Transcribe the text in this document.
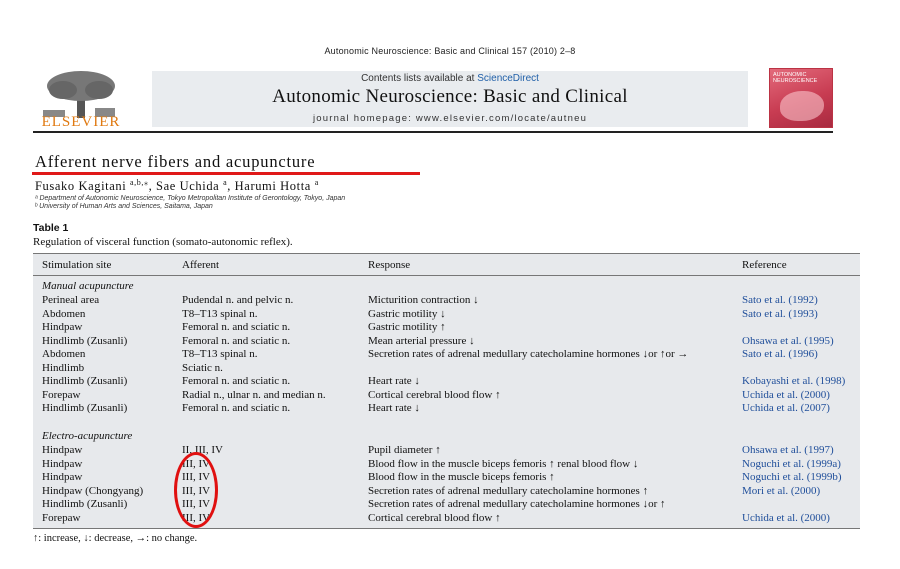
Autonomic Neuroscience: Basic and Clinical 157 (2010) 2–8
ELSEVIER
Contents lists available at ScienceDirect
Autonomic Neuroscience: Basic and Clinical
journal homepage: www.elsevier.com/locate/autneu
AUTONOMIC NEUROSCIENCE
Afferent nerve fibers and acupuncture
Fusako Kagitani $^{a,b,⁎}$, Sae Uchida $^a$, Harumi Hotta $^a$
ᵃ Department of Autonomic Neuroscience, Tokyo Metropolitan Institute of Gerontology, Tokyo, Japan
ᵇ University of Human Arts and Sciences, Saitama, Japan
Table 1
Regulation of visceral function (somato-autonomic reflex).
Stimulation site	Afferent	Response	Reference
Manual acupuncture
Perineal area	Pudendal n. and pelvic n.	Micturition contraction ↓	Sato et al. (1992)
Abdomen	T8–T13 spinal n.	Gastric motility ↓	Sato et al. (1993)
Hindpaw	Femoral n. and sciatic n.	Gastric motility ↑
Hindlimb (Zusanli)	Femoral n. and sciatic n.	Mean arterial pressure ↓	Ohsawa et al. (1995)
Abdomen	T8–T13 spinal n.	Secretion rates of adrenal medullary catecholamine hormones ↓or ↑or →	Sato et al. (1996)
Hindlimb	Sciatic n.
Hindlimb (Zusanli)	Femoral n. and sciatic n.	Heart rate ↓	Kobayashi et al. (1998)
Forepaw	Radial n., ulnar n. and median n.	Cortical cerebral blood flow ↑	Uchida et al. (2000)
Hindlimb (Zusanli)	Femoral n. and sciatic n.	Heart rate ↓	Uchida et al. (2007)
Electro-acupuncture
Hindpaw	II, III, IV	Pupil diameter ↑	Ohsawa et al. (1997)
Hindpaw	III, IV	Blood flow in the muscle biceps femoris ↑ renal blood flow ↓	Noguchi et al. (1999a)
Hindpaw	III, IV	Blood flow in the muscle biceps femoris ↑	Noguchi et al. (1999b)
Hindpaw (Chongyang)	III, IV	Secretion rates of adrenal medullary catecholamine hormones ↑	Mori et al. (2000)
Hindlimb (Zusanli)	III, IV	Secretion rates of adrenal medullary catecholamine hormones ↓or ↑
Forepaw	III, IV	Cortical cerebral blood flow ↑	Uchida et al. (2000)
↑: increase, ↓: decrease, →: no change.
